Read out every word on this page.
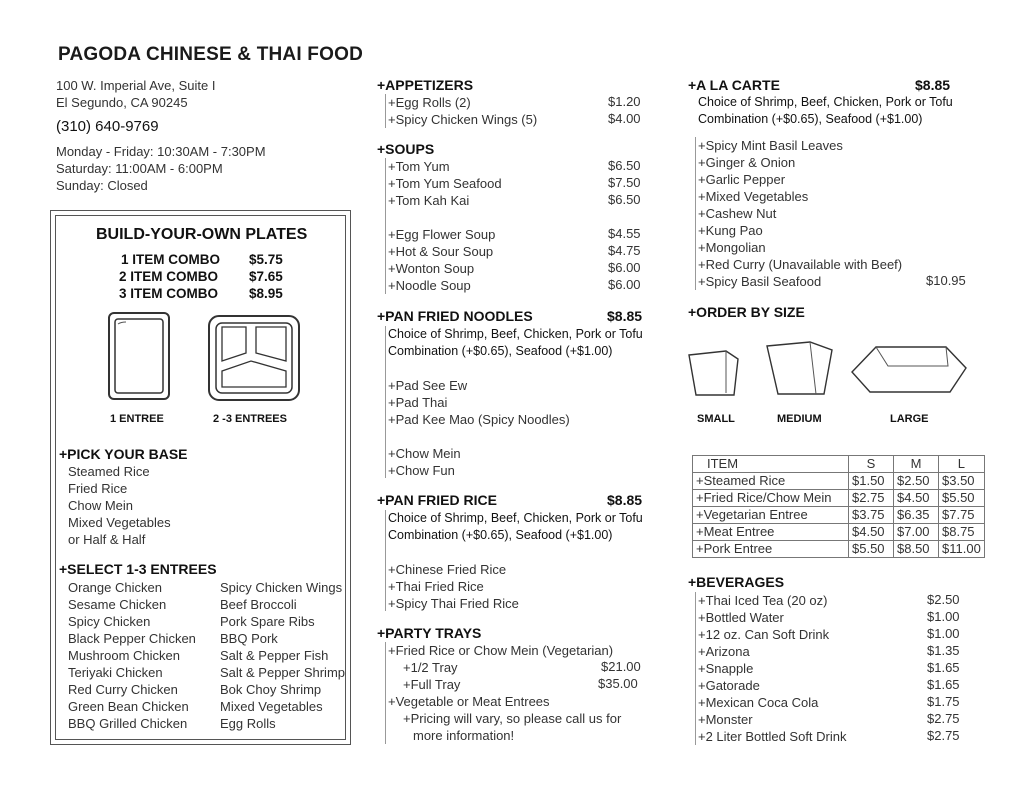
PAGODA CHINESE & THAI FOOD
100 W. Imperial Ave, Suite I
El Segundo, CA 90245
(310) 640-9769
Monday - Friday: 10:30AM - 7:30PM
Saturday: 11:00AM - 6:00PM
Sunday: Closed
BUILD-YOUR-OWN PLATES
1 ITEM COMBO $5.75
2 ITEM COMBO $7.65
3 ITEM COMBO $8.95
1 ENTREE	2 -3 ENTREES
+PICK YOUR BASE
Steamed Rice
Fried Rice
Chow Mein
Mixed Vegetables
or Half & Half
+SELECT 1-3 ENTREES
Orange Chicken
Sesame Chicken
Spicy Chicken
Black Pepper Chicken
Mushroom Chicken
Teriyaki Chicken
Red Curry Chicken
Green Bean Chicken
BBQ Grilled Chicken
Spicy Chicken Wings
Beef Broccoli
Pork Spare Ribs
BBQ Pork
Salt & Pepper Fish
Salt & Pepper Shrimp
Bok Choy Shrimp
Mixed Vegetables
Egg Rolls
+APPETIZERS
+Egg Rolls (2)	$1.20
+Spicy Chicken Wings (5)	$4.00
+SOUPS
+Tom Yum	$6.50
+Tom Yum Seafood	$7.50
+Tom Kah Kai	$6.50
+Egg Flower Soup	$4.55
+Hot & Sour Soup	$4.75
+Wonton Soup	$6.00
+Noodle Soup	$6.00
+PAN FRIED NOODLES	$8.85
Choice of Shrimp, Beef, Chicken, Pork or Tofu
Combination (+$0.65), Seafood (+$1.00)
+Pad See Ew
+Pad Thai
+Pad Kee Mao (Spicy Noodles)
+Chow Mein
+Chow Fun
+PAN FRIED RICE	$8.85
Choice of Shrimp, Beef, Chicken, Pork or Tofu
Combination (+$0.65), Seafood (+$1.00)
+Chinese Fried Rice
+Thai Fried Rice
+Spicy Thai Fried Rice
+PARTY TRAYS
+Fried Rice or Chow Mein (Vegetarian)
+1/2 Tray	$21.00
+Full Tray	$35.00
+Vegetable or Meat Entrees
+Pricing will vary, so please call us for
more information!
+A LA CARTE	$8.85
Choice of Shrimp, Beef, Chicken, Pork or Tofu
Combination (+$0.65), Seafood (+$1.00)
+Spicy Mint Basil Leaves
+Ginger & Onion
+Garlic Pepper
+Mixed Vegetables
+Cashew Nut
+Kung Pao
+Mongolian
+Red Curry (Unavailable with Beef)
+Spicy Basil Seafood	$10.95
+ORDER BY SIZE
SMALL	MEDIUM	LARGE
ITEM	S	M	L
+Steamed Rice	$1.50	$2.50	$3.50
+Fried Rice/Chow Mein	$2.75	$4.50	$5.50
+Vegetarian Entree	$3.75	$6.35	$7.75
+Meat Entree	$4.50	$7.00	$8.75
+Pork Entree	$5.50	$8.50	$11.00
+BEVERAGES
+Thai Iced Tea (20 oz)	$2.50
+Bottled Water	$1.00
+12 oz. Can Soft Drink	$1.00
+Arizona	$1.35
+Snapple	$1.65
+Gatorade	$1.65
+Mexican Coca Cola	$1.75
+Monster	$2.75
+2 Liter Bottled Soft Drink	$2.75
